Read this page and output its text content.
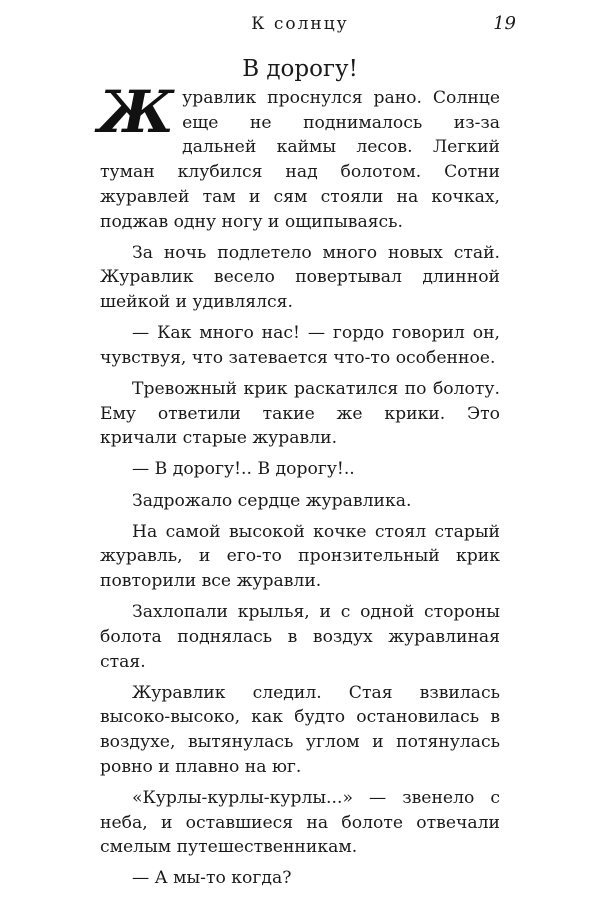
К солнцу	19
В дорогу!

Журавлик проснулся рано. Солнце еще не поднималось из-за дальней каймы лесов. Легкий туман клубился над болотом. Сотни журавлей там и сям стояли на кочках, поджав одну ногу и ощипываясь.

За ночь подлетело много новых стай. Журавлик весело повертывал длинной шейкой и удивлялся.

— Как много нас! — гордо говорил он, чувствуя, что затевается что-то особенное.

Тревожный крик раскатился по болоту. Ему ответили такие же крики. Это кричали старые журавли.

— В дорогу!.. В дорогу!..

Задрожало сердце журавлика.

На самой высокой кочке стоял старый журавль, и его-то пронзительный крик повторили все журавли.

Захлопали крылья, и с одной стороны болота поднялась в воздух журавлиная стая.

Журавлик следил. Стая взвилась высоко-высоко, как будто остановилась в воздухе, вытянулась углом и потянулась ровно и плавно на юг.

«Курлы-курлы-курлы...» — звенело с неба, и оставшиеся на болоте отвечали смелым путешественникам.

— А мы-то когда?
